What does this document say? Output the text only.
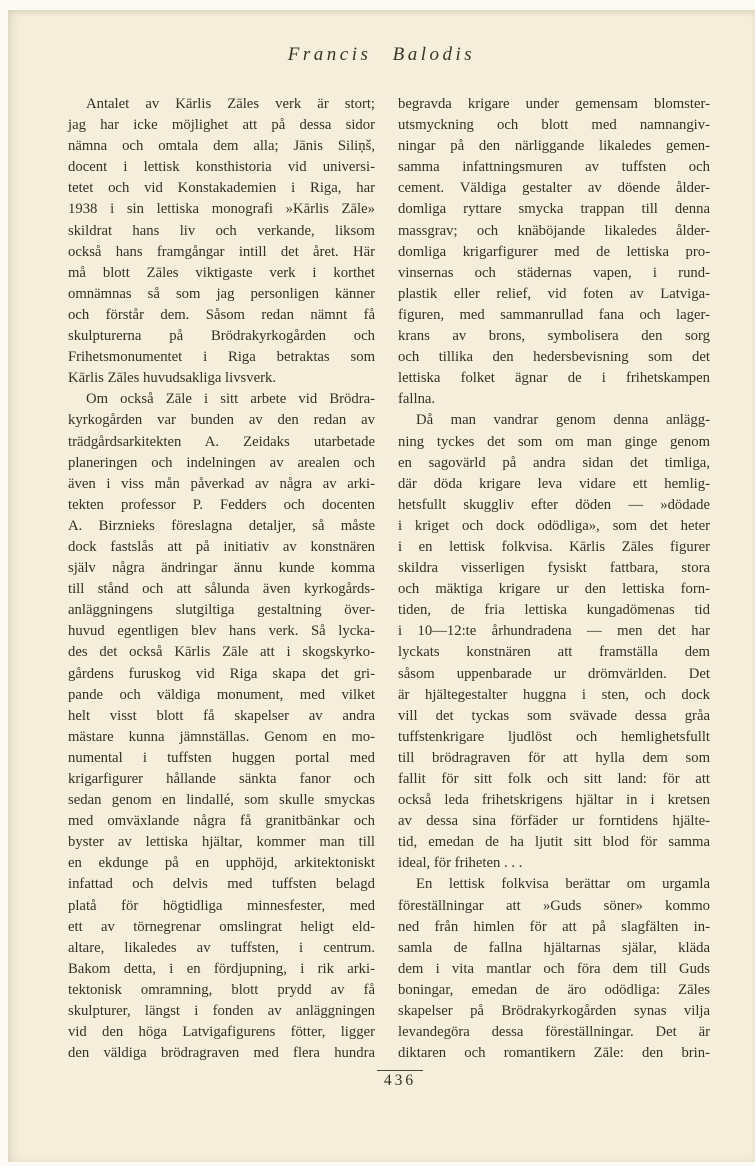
Francis Balodis
Antalet av Kārlis Zāles verk är stort;
jag har icke möjlighet att på dessa sidor
nämna och omtala dem alla; Jānis Siliņš,
docent i lettisk konsthistoria vid universi-
tetet och vid Konstakademien i Riga, har
1938 i sin lettiska monografi »Kārlis Zāle»
skildrat hans liv och verkande, liksom
också hans framgångar intill det året. Här
må blott Zāles viktigaste verk i korthet
omnämnas så som jag personligen känner
och förstår dem. Såsom redan nämnt få
skulpturerna på Brödrakyrkogården och
Frihetsmonumentet i Riga betraktas som
Kārlis Zāles huvudsakliga livsverk.
Om också Zāle i sitt arbete vid Brödra-
kyrkogården var bunden av den redan av
trädgårdsarkitekten A. Zeidaks utarbetade
planeringen och indelningen av arealen och
även i viss mån påverkad av några av arki-
tekten professor P. Fedders och docenten
A. Birznieks föreslagna detaljer, så måste
dock fastslås att på initiativ av konstnären
själv några ändringar ännu kunde komma
till stånd och att sålunda även kyrkogårds-
anläggningens slutgiltiga gestaltning över-
huvud egentligen blev hans verk. Så lycka-
des det också Kārlis Zāle att i skogskyrko-
gårdens furuskog vid Riga skapa det gri-
pande och väldiga monument, med vilket
helt visst blott få skapelser av andra
mästare kunna jämnställas. Genom en mo-
numental i tuffsten huggen portal med
krigarfigurer hållande sänkta fanor och
sedan genom en lindallé, som skulle smyckas
med omväxlande några få granitbänkar och
byster av lettiska hjältar, kommer man till
en ekdunge på en upphöjd, arkitektoniskt
infattad och delvis med tuffsten belagd
platå för högtidliga minnesfester, med
ett av törnegrenar omslingrat heligt eld-
altare, likaledes av tuffsten, i centrum.
Bakom detta, i en fördjupning, i rik arki-
tektonisk omramning, blott prydd av få
skulpturer, längst i fonden av anläggningen
vid den höga Latvigafigurens fötter, ligger
den väldiga brödragraven med flera hundra
begravda krigare under gemensam blomster-
utsmyckning och blott med namnangiv-
ningar på den närliggande likaledes gemen-
samma infattningsmuren av tuffsten och
cement. Väldiga gestalter av döende ålder-
domliga ryttare smycka trappan till denna
massgrav; och knäböjande likaledes ålder-
domliga krigarfigurer med de lettiska pro-
vinsernas och städernas vapen, i rund-
plastik eller relief, vid foten av Latviga-
figuren, med sammanrullad fana och lager-
krans av brons, symbolisera den sorg
och tillika den hedersbevisning som det
lettiska folket ägnar de i frihetskampen
fallna.
Då man vandrar genom denna anlägg-
ning tyckes det som om man ginge genom
en sagovärld på andra sidan det timliga,
där döda krigare leva vidare ett hemlig-
hetsfullt skuggliv efter döden — »dödade
i kriget och dock odödliga», som det heter
i en lettisk folkvisa. Kārlis Zāles figurer
skildra visserligen fysiskt fattbara, stora
och mäktiga krigare ur den lettiska forn-
tiden, de fria lettiska kungadömenas tid
i 10—12:te århundradena — men det har
lyckats konstnären att framställa dem
såsom uppenbarade ur drömvärlden. Det
är hjältegestalter huggna i sten, och dock
vill det tyckas som svävade dessa gråa
tuffstenkrigare ljudlöst och hemlighetsfullt
till brödragraven för att hylla dem som
fallit för sitt folk och sitt land: för att
också leda frihetskrigens hjältar in i kretsen
av dessa sina förfäder ur forntidens hjälte-
tid, emedan de ha ljutit sitt blod för samma
ideal, för friheten . . .
En lettisk folkvisa berättar om urgamla
föreställningar att »Guds söner» kommo
ned från himlen för att på slagfälten in-
samla de fallna hjältarnas själar, kläda
dem i vita mantlar och föra dem till Guds
boningar, emedan de äro odödliga: Zāles
skapelser på Brödrakyrkogården synas vilja
levandegöra dessa föreställningar. Det är
diktaren och romantikern Zāle: den brin-
436
